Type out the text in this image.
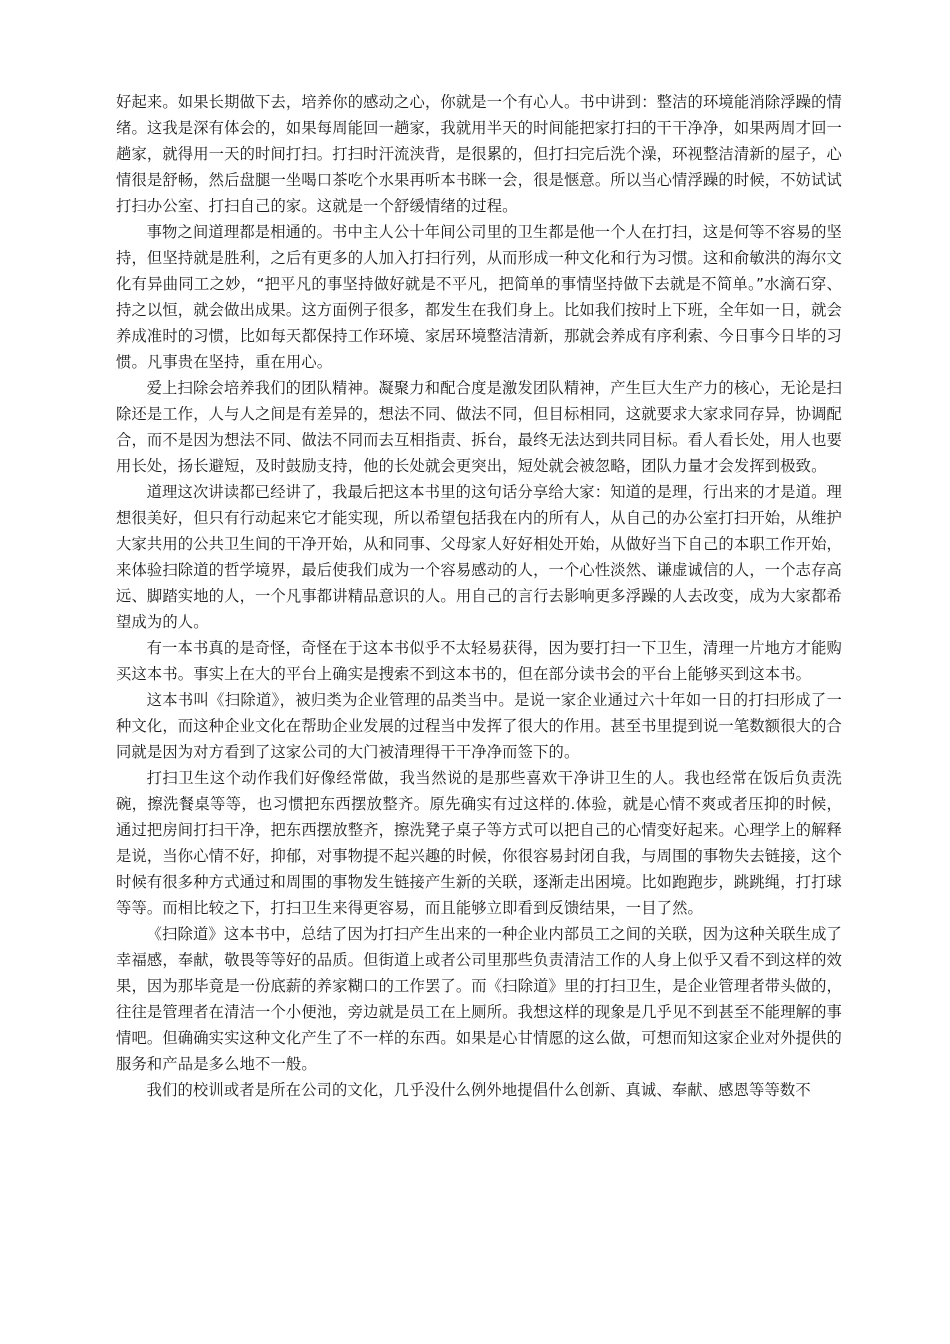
好起来。如果长期做下去，培养你的感动之心，你就是一个有心人。书中讲到：整洁的环境能消除浮躁的情绪。这我是深有体会的，如果每周能回一趟家，我就用半天的时间能把家打扫的干干净净，如果两周才回一趟家，就得用一天的时间打扫。打扫时汗流浃背，是很累的，但打扫完后洗个澡，环视整洁清新的屋子，心情很是舒畅，然后盘腿一坐喝口茶吃个水果再听本书眯一会，很是惬意。所以当心情浮躁的时候，不妨试试打扫办公室、打扫自己的家。这就是一个舒缓情绪的过程。

事物之间道理都是相通的。书中主人公十年间公司里的卫生都是他一个人在打扫，这是何等不容易的坚持，但坚持就是胜利，之后有更多的人加入打扫行列，从而形成一种文化和行为习惯。这和俞敏洪的海尔文化有异曲同工之妙，“把平凡的事坚持做好就是不平凡，把简单的事情坚持做下去就是不简单。”水滴石穿、持之以恒，就会做出成果。这方面例子很多，都发生在我们身上。比如我们按时上下班，全年如一日，就会养成准时的习惯，比如每天都保持工作环境、家居环境整洁清新，那就会养成有序利索、今日事今日毕的习惯。凡事贵在坚持，重在用心。

爱上扫除会培养我们的团队精神。凝聚力和配合度是激发团队精神，产生巨大生产力的核心，无论是扫除还是工作，人与人之间是有差异的，想法不同、做法不同，但目标相同，这就要求大家求同存异，协调配合，而不是因为想法不同、做法不同而去互相指责、拆台，最终无法达到共同目标。看人看长处，用人也要用长处，扬长避短，及时鼓励支持，他的长处就会更突出，短处就会被忽略，团队力量才会发挥到极致。

道理这次讲读都已经讲了，我最后把这本书里的这句话分享给大家：知道的是理，行出来的才是道。理想很美好，但只有行动起来它才能实现，所以希望包括我在内的所有人，从自己的办公室打扫开始，从维护大家共用的公共卫生间的干净开始，从和同事、父母家人好好相处开始，从做好当下自己的本职工作开始，来体验扫除道的哲学境界，最后使我们成为一个容易感动的人，一个心性淡然、谦虚诚信的人，一个志存高远、脚踏实地的人，一个凡事都讲精品意识的人。用自己的言行去影响更多浮躁的人去改变，成为大家都希望成为的人。

有一本书真的是奇怪，奇怪在于这本书似乎不太轻易获得，因为要打扫一下卫生，清理一片地方才能购买这本书。事实上在大的平台上确实是搜索不到这本书的，但在部分读书会的平台上能够买到这本书。

这本书叫《扫除道》，被归类为企业管理的品类当中。是说一家企业通过六十年如一日的打扫形成了一种文化，而这种企业文化在帮助企业发展的过程当中发挥了很大的作用。甚至书里提到说一笔数额很大的合同就是因为对方看到了这家公司的大门被清理得干干净净而签下的。

打扫卫生这个动作我们好像经常做，我当然说的是那些喜欢干净讲卫生的人。我也经常在饭后负责洗碗，擦洗餐桌等等，也习惯把东西摆放整齐。原先确实有过这样的.体验，就是心情不爽或者压抑的时候，通过把房间打扫干净，把东西摆放整齐，擦洗凳子桌子等方式可以把自己的心情变好起来。心理学上的解释是说，当你心情不好，抑郁，对事物提不起兴趣的时候，你很容易封闭自我，与周围的事物失去链接，这个时候有很多种方式通过和周围的事物发生链接产生新的关联，逐渐走出困境。比如跑跑步，跳跳绳，打打球等等。而相比较之下，打扫卫生来得更容易，而且能够立即看到反馈结果，一目了然。

《扫除道》这本书中，总结了因为打扫产生出来的一种企业内部员工之间的关联，因为这种关联生成了幸福感，奉献，敬畏等等好的品质。但街道上或者公司里那些负责清洁工作的人身上似乎又看不到这样的效果，因为那毕竟是一份底薪的养家糊口的工作罢了。而《扫除道》里的打扫卫生，是企业管理者带头做的，往往是管理者在清洁一个小便池，旁边就是员工在上厕所。我想这样的现象是几乎见不到甚至不能理解的事情吧。但确确实实这种文化产生了不一样的东西。如果是心甘情愿的这么做，可想而知这家企业对外提供的服务和产品是多么地不一般。

我们的校训或者是所在公司的文化，几乎没什么例外地提倡什么创新、真诚、奉献、感恩等等数不
